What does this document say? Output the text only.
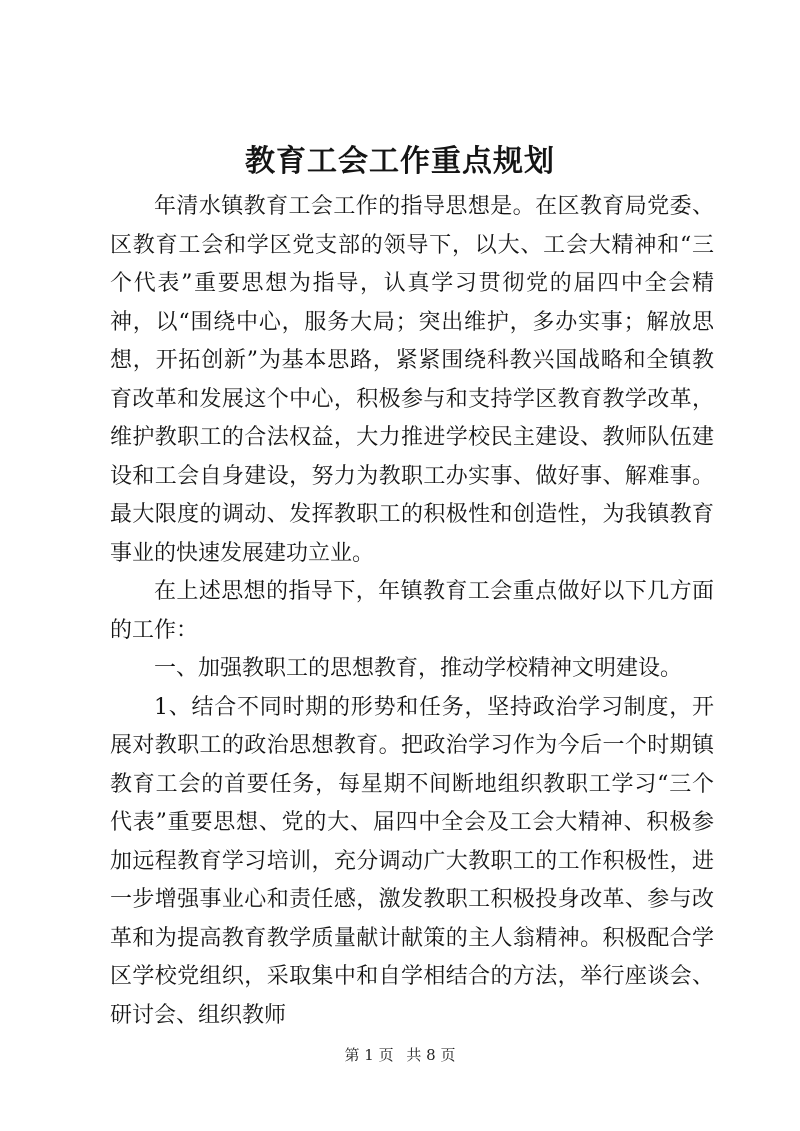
教育工会工作重点规划

年清水镇教育工会工作的指导思想是。在区教育局党委、区教育工会和学区党支部的领导下，以大、工会大精神和“三个代表”重要思想为指导，认真学习贯彻党的届四中全会精神，以“围绕中心，服务大局；突出维护，多办实事；解放思想，开拓创新”为基本思路，紧紧围绕科教兴国战略和全镇教育改革和发展这个中心，积极参与和支持学区教育教学改革，维护教职工的合法权益，大力推进学校民主建设、教师队伍建设和工会自身建设，努力为教职工办实事、做好事、解难事。最大限度的调动、发挥教职工的积极性和创造性，为我镇教育事业的快速发展建功立业。

在上述思想的指导下，年镇教育工会重点做好以下几方面的工作：

一、加强教职工的思想教育，推动学校精神文明建设。

1、结合不同时期的形势和任务，坚持政治学习制度，开展对教职工的政治思想教育。把政治学习作为今后一个时期镇教育工会的首要任务，每星期不间断地组织教职工学习“三个代表”重要思想、党的大、届四中全会及工会大精神、积极参加远程教育学习培训，充分调动广大教职工的工作积极性，进一步增强事业心和责任感，激发教职工积极投身改革、参与改革和为提高教育教学质量献计献策的主人翁精神。积极配合学区学校党组织，采取集中和自学相结合的方法，举行座谈会、研讨会、组织教师

第 1 页 共 8 页
